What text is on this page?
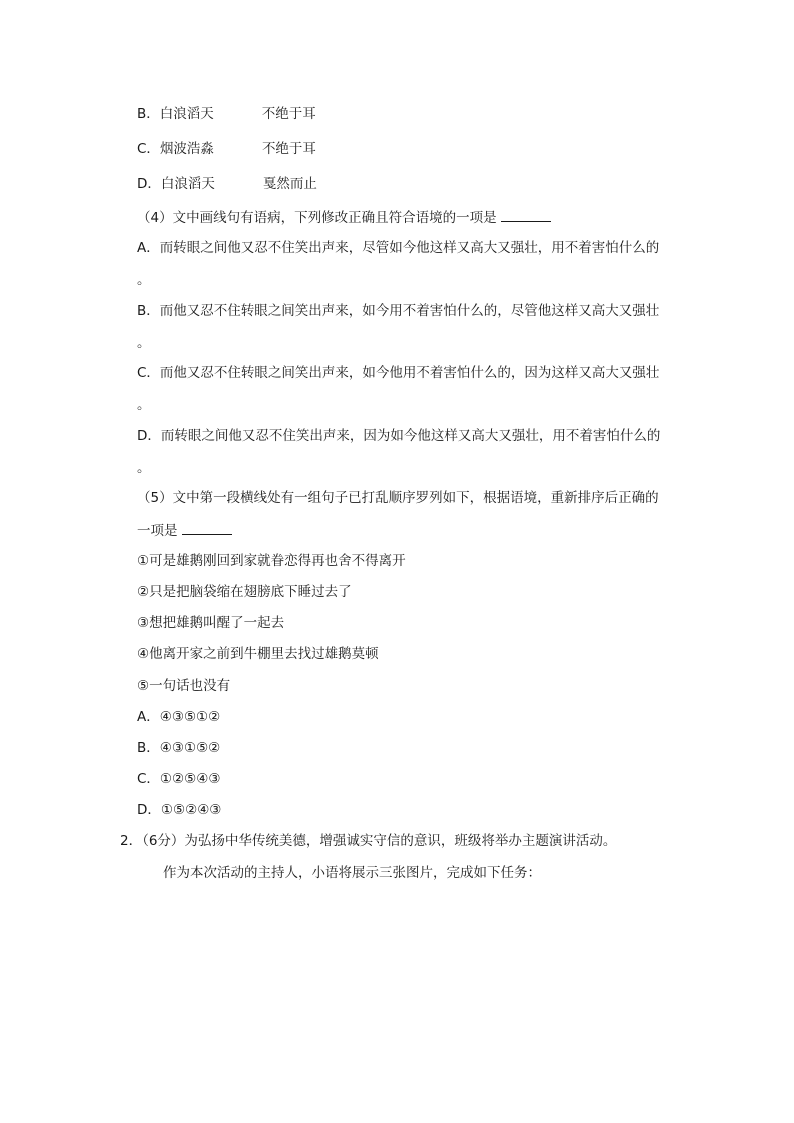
B．白浪滔天	不绝于耳
C．烟波浩淼	不绝于耳
D．白浪滔天	戛然而止
（4）文中画线句有语病，下列修改正确且符合语境的一项是
A．而转眼之间他又忍不住笑出声来，尽管如今他这样又高大又强壮，用不着害怕什么的
。
B．而他又忍不住转眼之间笑出声来，如今用不着害怕什么的，尽管他这样又高大又强壮
。
C．而他又忍不住转眼之间笑出声来，如今他用不着害怕什么的，因为这样又高大又强壮
。
D．而转眼之间他又忍不住笑出声来，因为如今他这样又高大又强壮，用不着害怕什么的
。
（5）文中第一段横线处有一组句子已打乱顺序罗列如下，根据语境，重新排序后正确的
一项是
①可是雄鹅刚回到家就眷恋得再也舍不得离开
②只是把脑袋缩在翅膀底下睡过去了
③想把雄鹅叫醒了一起去
④他离开家之前到牛棚里去找过雄鹅莫顿
⑤一句话也没有
A．④③⑤①②
B．④③①⑤②
C．①②⑤④③
D．①⑤②④③
2．（6分）为弘扬中华传统美德，增强诚实守信的意识，班级将举办主题演讲活动。
作为本次活动的主持人，小语将展示三张图片，完成如下任务：
